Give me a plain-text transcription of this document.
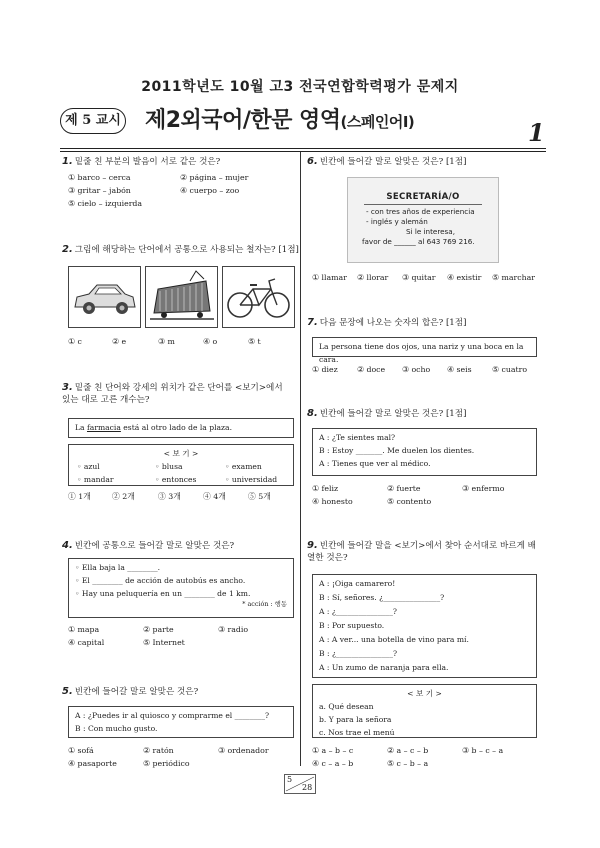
2011학년도 10월 고3 전국연합학력평가 문제지
제 5 교시 제2외국어/한문 영역(스페인어Ⅰ)	1
1. 밑줄 친 부분의 발음이 서로 같은 것은?
① barco – cerca	② página – mujer
③ gritar – jabón	④ cuerpo – zoo
⑤ cielo – izquierda
2. 그림에 해당하는 단어에서 공통으로 사용되는 철자는? [1점]
① c	② e	③ m	④ o	⑤ t
3. 밑줄 친 단어와 강세의 위치가 같은 단어를 <보기>에서 있는 대로 고른 개수는?
La farmacia está al otro lado de la plaza.
< 보 기 >
◦ azul	◦ blusa	◦ examen
◦ mandar	◦ entonces	◦ universidad
① 1개	② 2개	③ 3개	④ 4개	⑤ 5개
4. 빈칸에 공통으로 들어갈 말로 알맞은 것은?
◦ Ella baja la ________.
◦ El ________ de acción de autobús es ancho.
◦ Hay una peluquería en un ________ de 1 km.
* acción : 행동
① mapa	② parte	③ radio
④ capital	⑤ Internet
5. 빈칸에 들어갈 말로 알맞은 것은?
A : ¿Puedes ir al quiosco y comprarme el ________?
B : Con mucho gusto.
① sofá	② ratón	③ ordenador
④ pasaporte	⑤ periódico
6. 빈칸에 들어갈 말로 알맞은 것은? [1점]
SECRETARÍA/O
- con tres años de experiencia
- inglés y alemán
Si le interesa,
favor de ______ al 643 769 216.
① llamar ② llorar ③ quitar ④ existir ⑤ marchar
7. 다음 문장에 나오는 숫자의 합은? [1점]
La persona tiene dos ojos, una nariz y una boca en la cara.
① diez ② doce ③ ocho ④ seis	⑤ cuatro
8. 빈칸에 들어갈 말로 알맞은 것은? [1점]
A : ¿Te sientes mal?
B : Estoy _______. Me duelen los dientes.
A : Tienes que ver al médico.
① feliz	② fuerte	③ enfermo
④ honesto	⑤ contento
9. 빈칸에 들어갈 말을 <보기>에서 찾아 순서대로 바르게 배열한 것은?
A : ¡Oiga camarero!
B : Sí, señores. ¿_______________?
A : ¿_______________?
B : Por supuesto.
A : A ver... una botella de vino para mí.
B : ¿_______________?
A : Un zumo de naranja para ella.
< 보 기 >
a. Qué desean
b. Y para la señora
c. Nos trae el menú
① a – b – c	② a – c – b	③ b – c – a
④ c – a – b	⑤ c – b – a
5
28
